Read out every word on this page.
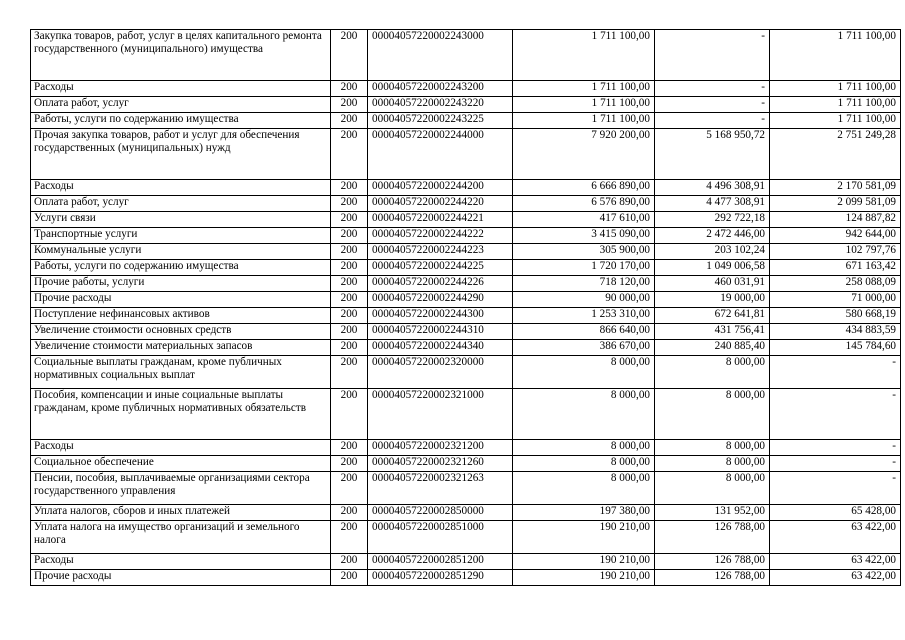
Закупка товаров, работ, услуг в целях капитального ремонта государственного (муниципального) имущества	200	00004057220002243000	1 711 100,00	-	1 711 100,00
Расходы	200	00004057220002243200	1 711 100,00	-	1 711 100,00
Оплата работ, услуг	200	00004057220002243220	1 711 100,00	-	1 711 100,00
Работы, услуги по содержанию имущества	200	00004057220002243225	1 711 100,00	-	1 711 100,00
Прочая закупка товаров, работ и услуг для обеспечения государственных (муниципальных) нужд	200	00004057220002244000	7 920 200,00	5 168 950,72	2 751 249,28
Расходы	200	00004057220002244200	6 666 890,00	4 496 308,91	2 170 581,09
Оплата работ, услуг	200	00004057220002244220	6 576 890,00	4 477 308,91	2 099 581,09
Услуги связи	200	00004057220002244221	417 610,00	292 722,18	124 887,82
Транспортные услуги	200	00004057220002244222	3 415 090,00	2 472 446,00	942 644,00
Коммунальные услуги	200	00004057220002244223	305 900,00	203 102,24	102 797,76
Работы, услуги по содержанию имущества	200	00004057220002244225	1 720 170,00	1 049 006,58	671 163,42
Прочие работы, услуги	200	00004057220002244226	718 120,00	460 031,91	258 088,09
Прочие расходы	200	00004057220002244290	90 000,00	19 000,00	71 000,00
Поступление нефинансовых активов	200	00004057220002244300	1 253 310,00	672 641,81	580 668,19
Увеличение стоимости основных средств	200	00004057220002244310	866 640,00	431 756,41	434 883,59
Увеличение стоимости материальных запасов	200	00004057220002244340	386 670,00	240 885,40	145 784,60
Социальные выплаты гражданам, кроме публичных нормативных социальных выплат	200	00004057220002320000	8 000,00	8 000,00	-
Пособия, компенсации и иные социальные выплаты гражданам, кроме публичных нормативных обязательств	200	00004057220002321000	8 000,00	8 000,00	-
Расходы	200	00004057220002321200	8 000,00	8 000,00	-
Социальное обеспечение	200	00004057220002321260	8 000,00	8 000,00	-
Пенсии, пособия, выплачиваемые организациями сектора государственного управления	200	00004057220002321263	8 000,00	8 000,00	-
Уплата налогов, сборов и иных платежей	200	00004057220002850000	197 380,00	131 952,00	65 428,00
Уплата налога на имущество организаций и земельного налога	200	00004057220002851000	190 210,00	126 788,00	63 422,00
Расходы	200	00004057220002851200	190 210,00	126 788,00	63 422,00
Прочие расходы	200	00004057220002851290	190 210,00	126 788,00	63 422,00
